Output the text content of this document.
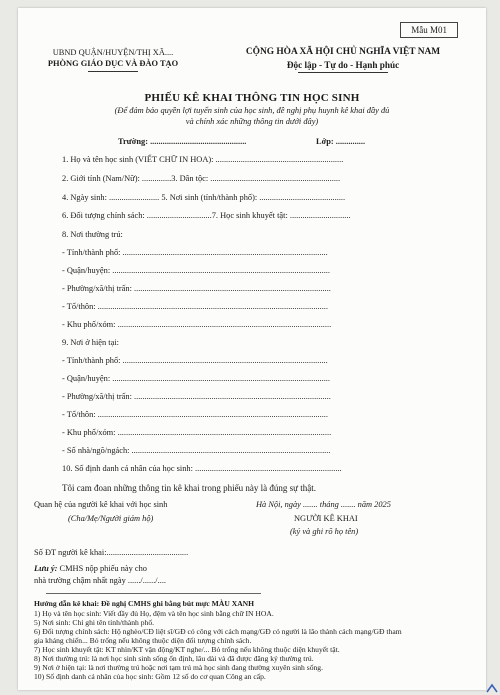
Mẫu M01
UBND QUẬN/HUYỆN/THỊ XÃ....
PHÒNG GIÁO DỤC VÀ ĐÀO TẠO
CỘNG HÒA XÃ HỘI CHỦ NGHĨA VIỆT NAM
Độc lập - Tự do - Hạnh phúc
PHIẾU KÊ KHAI THÔNG TIN HỌC SINH
(Để đảm bảo quyền lợi tuyển sinh của học sinh, đề nghị phụ huynh kê khai đầy đủ
và chính xác những thông tin dưới đây)
Trường: ..............................................	Lớp: ..............
1. Họ và tên học sinh (VIẾT CHỮ IN HOA): .............................................................
2. Giới tính (Nam/Nữ): ..............3. Dân tộc: ..............................................................
4. Ngày sinh: ........................ 5. Nơi sinh (tỉnh/thành phố): .........................................
6. Đối tượng chính sách: ...............................7. Học sinh khuyết tật: .............................
8. Nơi thường trú:
- Tỉnh/thành phố: ..................................................................................................
- Quận/huyện: ........................................................................................................
- Phường/xã/thị trấn: ..............................................................................................
- Tổ/thôn: ..............................................................................................................
- Khu phố/xóm: ......................................................................................................
9. Nơi ở hiện tại:
- Tỉnh/thành phố: ..................................................................................................
- Quận/huyện: ........................................................................................................
- Phường/xã/thị trấn: ..............................................................................................
- Tổ/thôn: ..............................................................................................................
- Khu phố/xóm: ......................................................................................................
- Số nhà/ngõ/ngách: ...............................................................................................
10. Số định danh cá nhân của học sinh: ......................................................................
Tôi cam đoan những thông tin kê khai trong phiếu này là đúng sự thật.
Quan hệ của người kê khai với học sinh
(Cha/Mẹ/Người giám hộ)
Hà Nội, ngày ....... tháng ....... năm 2025
NGƯỜI KÊ KHAI
(ký và ghi rõ họ tên)
Số ĐT người kê khai:.......................................
Lưu ý: CMHS nộp phiếu này cho
nhà trường chậm nhất ngày ....../....../....
Hướng dẫn kê khai: Đề nghị CMHS ghi bằng bút mực MÀU XANH
1) Họ và tên học sinh: Viết đầy đủ Họ, đệm và tên học sinh bằng chữ IN HOA.
5) Nơi sinh: Chỉ ghi tên tỉnh/thành phố.
6) Đối tượng chính sách: Hộ nghèo/CĐ liệt sĩ/GĐ có công với cách mạng/GĐ có người là lão thành cách mạng/GĐ tham
gia kháng chiến... Bỏ trống nếu không thuộc diện đối tượng chính sách.
7) Học sinh khuyết tật: KT nhìn/KT vận động/KT nghe/... Bỏ trống nếu không thuộc diện khuyết tật.
8) Nơi thường trú: là nơi học sinh sinh sống ổn định, lâu dài và đã được đăng ký thường trú.
9) Nơi ở hiện tại: là nơi thường trú hoặc nơi tạm trú mà học sinh đang thường xuyên sinh sống.
10) Số định danh cá nhân của học sinh: Gồm 12 số do cơ quan Công an cấp.
